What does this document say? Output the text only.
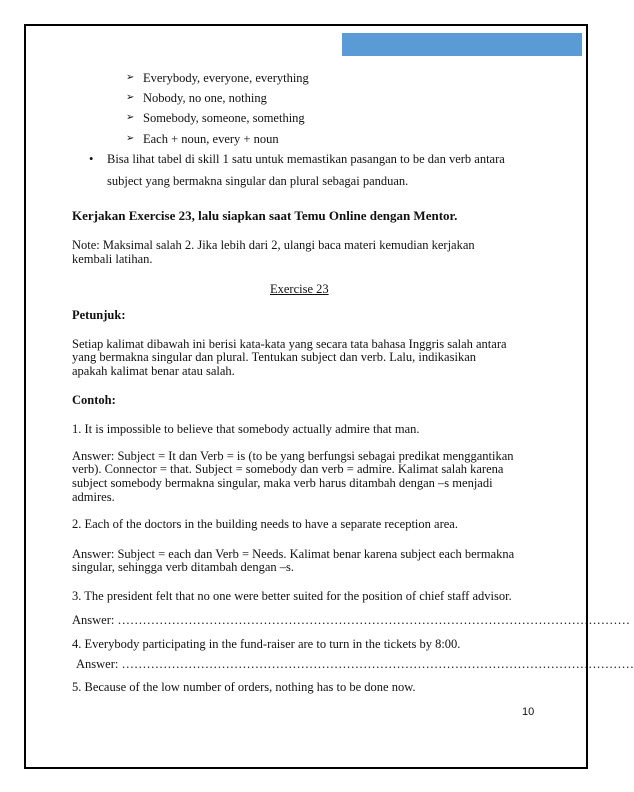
➢ Everybody, everyone, everything
➢ Nobody, no one, nothing
➢ Somebody, someone, something
➢ Each + noun, every + noun
• Bisa lihat tabel di skill 1 satu untuk memastikan pasangan to be dan verb antara
subject yang bermakna singular dan plural sebagai panduan.
Kerjakan Exercise 23, lalu siapkan saat Temu Online dengan Mentor.
Note: Maksimal salah 2. Jika lebih dari 2, ulangi baca materi kemudian kerjakan
kembali latihan.
Exercise 23
Petunjuk:
Setiap kalimat dibawah ini berisi kata-kata yang secara tata bahasa Inggris salah antara
yang bermakna singular dan plural. Tentukan subject dan verb. Lalu, indikasikan
apakah kalimat benar atau salah.
Contoh:
1. It is impossible to believe that somebody actually admire that man.
Answer: Subject = It dan Verb = is (to be yang berfungsi sebagai predikat menggantikan
verb). Connector = that. Subject = somebody dan verb = admire. Kalimat salah karena
subject somebody bermakna singular, maka verb harus ditambah dengan –s menjadi
admires.
2. Each of the doctors in the building needs to have a separate reception area.
Answer: Subject = each dan Verb = Needs. Kalimat benar karena subject each bermakna
singular, sehingga verb ditambah dengan –s.
3. The president felt that no one were better suited for the position of chief staff advisor.
Answer: ……………………………………………………………………………………………………………
4. Everybody participating in the fund-raiser are to turn in the tickets by 8:00.
Answer: ……………………………………………………………………………………………………………
5. Because of the low number of orders, nothing has to be done now.
10
